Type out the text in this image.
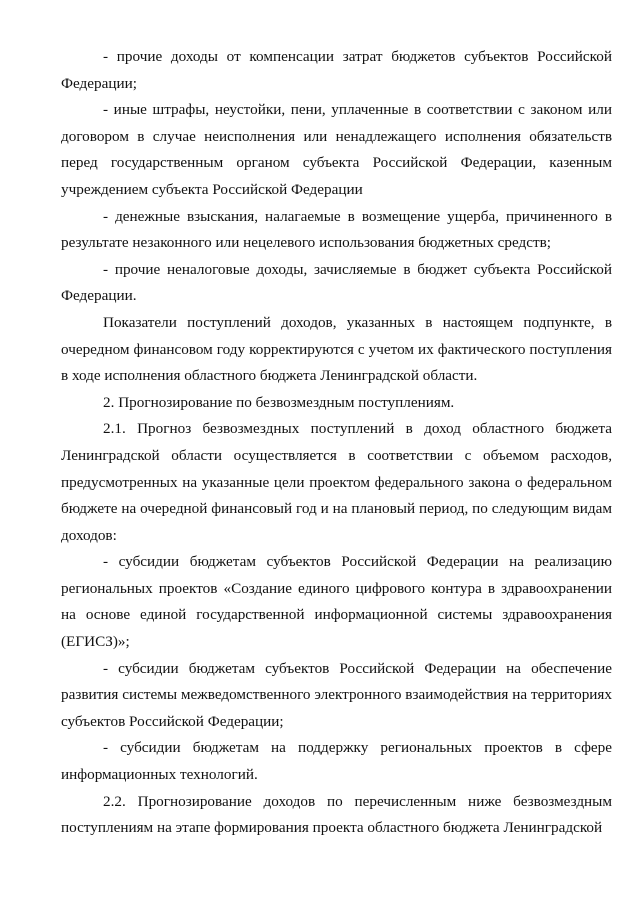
- прочие доходы от компенсации затрат бюджетов субъектов Российской Федерации;

- иные штрафы, неустойки, пени, уплаченные в соответствии с законом или договором в случае неисполнения или ненадлежащего исполнения обязательств перед государственным органом субъекта Российской Федерации, казенным учреждением субъекта Российской Федерации

- денежные взыскания, налагаемые в возмещение ущерба, причиненного в результате незаконного или нецелевого использования бюджетных средств;

- прочие неналоговые доходы, зачисляемые в бюджет субъекта Российской Федерации.

Показатели поступлений доходов, указанных в настоящем подпункте, в очередном финансовом году корректируются с учетом их фактического поступления в ходе исполнения областного бюджета Ленинградской области.

2. Прогнозирование по безвозмездным поступлениям.

2.1. Прогноз безвозмездных поступлений в доход областного бюджета Ленинградской области осуществляется в соответствии с объемом расходов, предусмотренных на указанные цели проектом федерального закона о федеральном бюджете на очередной финансовый год и на плановый период, по следующим видам доходов:

- субсидии бюджетам субъектов Российской Федерации на реализацию региональных проектов «Создание единого цифрового контура в здравоохранении на основе единой государственной информационной системы здравоохранения (ЕГИСЗ)»;

- субсидии бюджетам субъектов Российской Федерации на обеспечение развития системы межведомственного электронного взаимодействия на территориях субъектов Российской Федерации;

- субсидии бюджетам на поддержку региональных проектов в сфере информационных технологий.

2.2. Прогнозирование доходов по перечисленным ниже безвозмездным поступлениям на этапе формирования проекта областного бюджета Ленинградской
